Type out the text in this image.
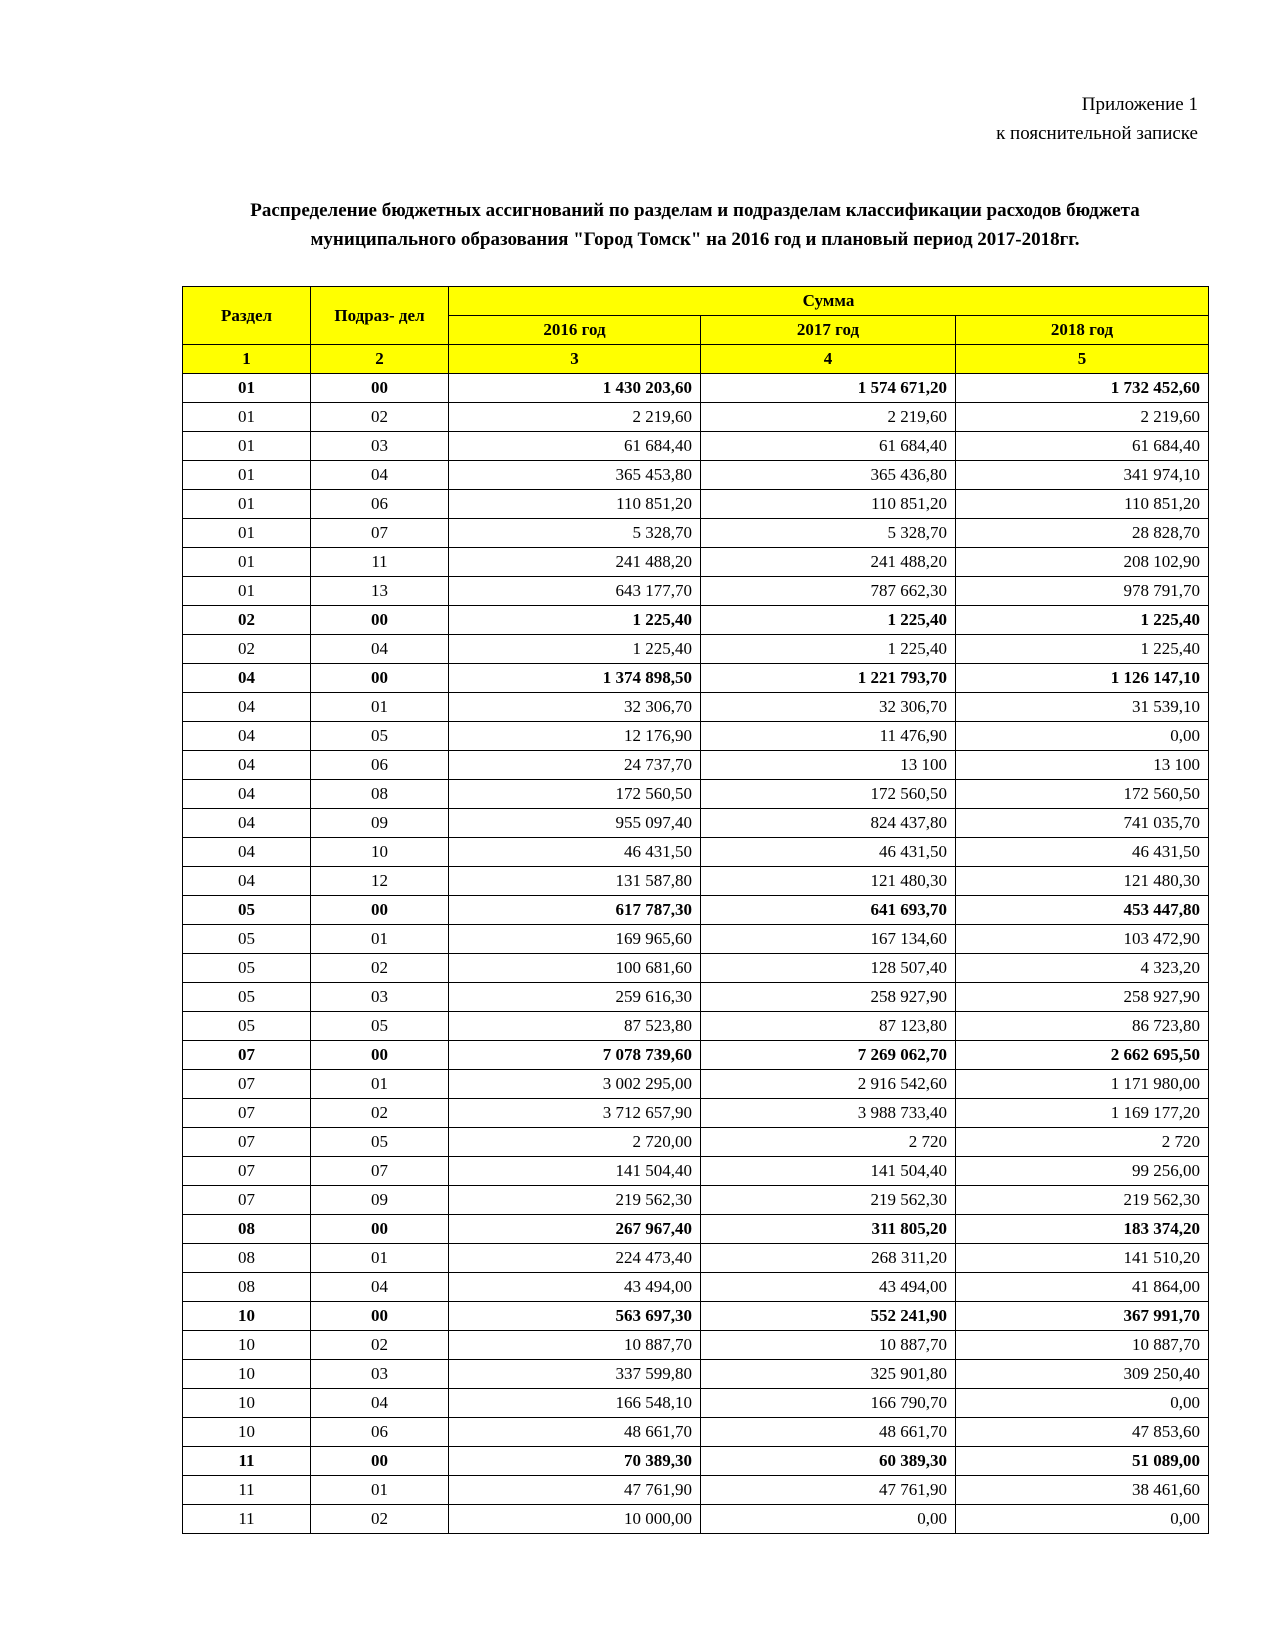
Приложение 1
к пояснительной записке
Распределение бюджетных ассигнований по разделам и подразделам классификации расходов бюджета муниципального образования "Город Томск" на 2016 год и плановый период 2017-2018гг.
Раздел	Подраз- дел	Сумма		
		2016 год	2017 год	2018 год
1	2	3	4	5
01	00	1 430 203,60	1 574 671,20	1 732 452,60
01	02	2 219,60	2 219,60	2 219,60
01	03	61 684,40	61 684,40	61 684,40
01	04	365 453,80	365 436,80	341 974,10
01	06	110 851,20	110 851,20	110 851,20
01	07	5 328,70	5 328,70	28 828,70
01	11	241 488,20	241 488,20	208 102,90
01	13	643 177,70	787 662,30	978 791,70
02	00	1 225,40	1 225,40	1 225,40
02	04	1 225,40	1 225,40	1 225,40
04	00	1 374 898,50	1 221 793,70	1 126 147,10
04	01	32 306,70	32 306,70	31 539,10
04	05	12 176,90	11 476,90	0,00
04	06	24 737,70	13 100	13 100
04	08	172 560,50	172 560,50	172 560,50
04	09	955 097,40	824 437,80	741 035,70
04	10	46 431,50	46 431,50	46 431,50
04	12	131 587,80	121 480,30	121 480,30
05	00	617 787,30	641 693,70	453 447,80
05	01	169 965,60	167 134,60	103 472,90
05	02	100 681,60	128 507,40	4 323,20
05	03	259 616,30	258 927,90	258 927,90
05	05	87 523,80	87 123,80	86 723,80
07	00	7 078 739,60	7 269 062,70	2 662 695,50
07	01	3 002 295,00	2 916 542,60	1 171 980,00
07	02	3 712 657,90	3 988 733,40	1 169 177,20
07	05	2 720,00	2 720	2 720
07	07	141 504,40	141 504,40	99 256,00
07	09	219 562,30	219 562,30	219 562,30
08	00	267 967,40	311 805,20	183 374,20
08	01	224 473,40	268 311,20	141 510,20
08	04	43 494,00	43 494,00	41 864,00
10	00	563 697,30	552 241,90	367 991,70
10	02	10 887,70	10 887,70	10 887,70
10	03	337 599,80	325 901,80	309 250,40
10	04	166 548,10	166 790,70	0,00
10	06	48 661,70	48 661,70	47 853,60
11	00	70 389,30	60 389,30	51 089,00
11	01	47 761,90	47 761,90	38 461,60
11	02	10 000,00	0,00	0,00
